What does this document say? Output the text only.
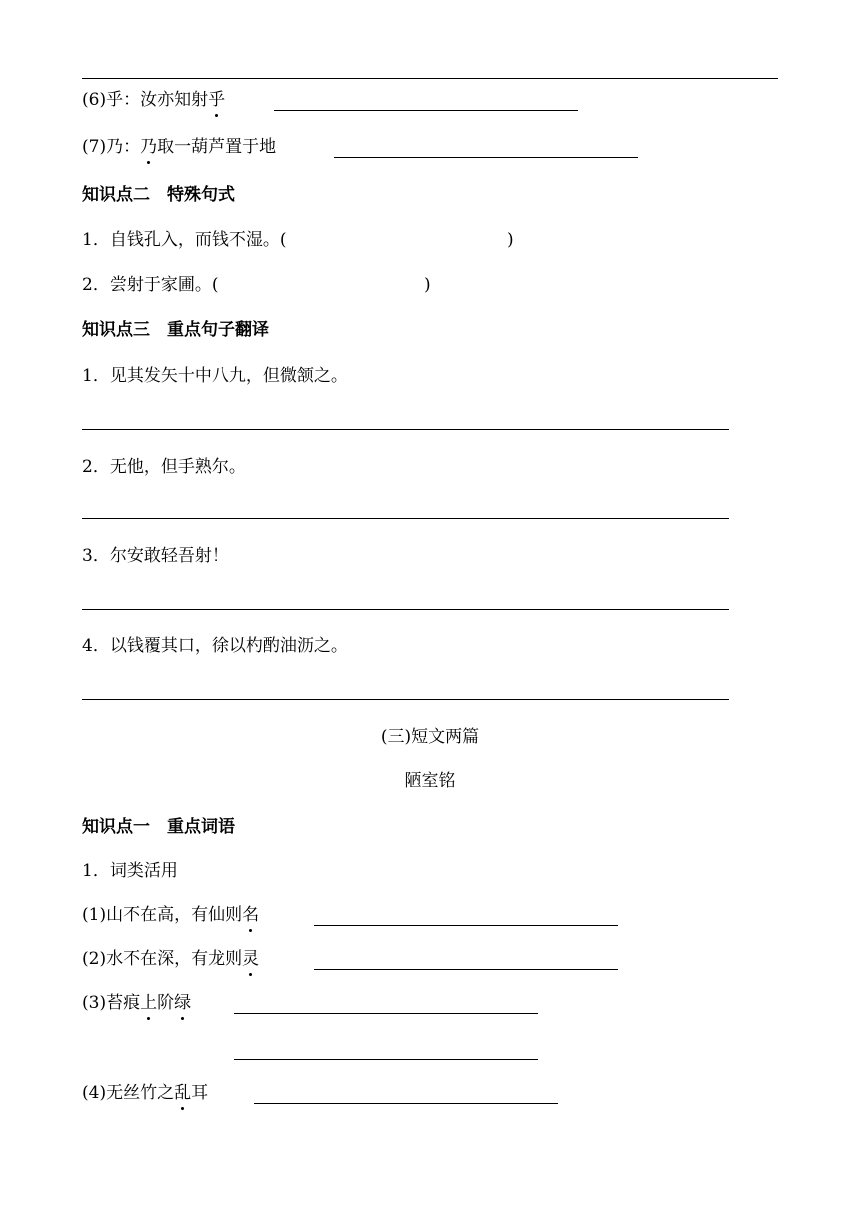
(6)乎：汝亦知射乎
(7)乃：乃取一葫芦置于地
知识点二　特殊句式
1．自钱孔入，而钱不湿。(	)
2．尝射于家圃。(	)
知识点三　重点句子翻译
1．见其发矢十中八九，但微颔之。
2．无他，但手熟尔。
3．尔安敢轻吾射！
4．以钱覆其口，徐以杓酌油沥之。
(三)短文两篇
陋室铭
知识点一　重点词语
1．词类活用
(1)山不在高，有仙则名
(2)水不在深，有龙则灵
(3)苔痕上阶绿
(4)无丝竹之乱耳
